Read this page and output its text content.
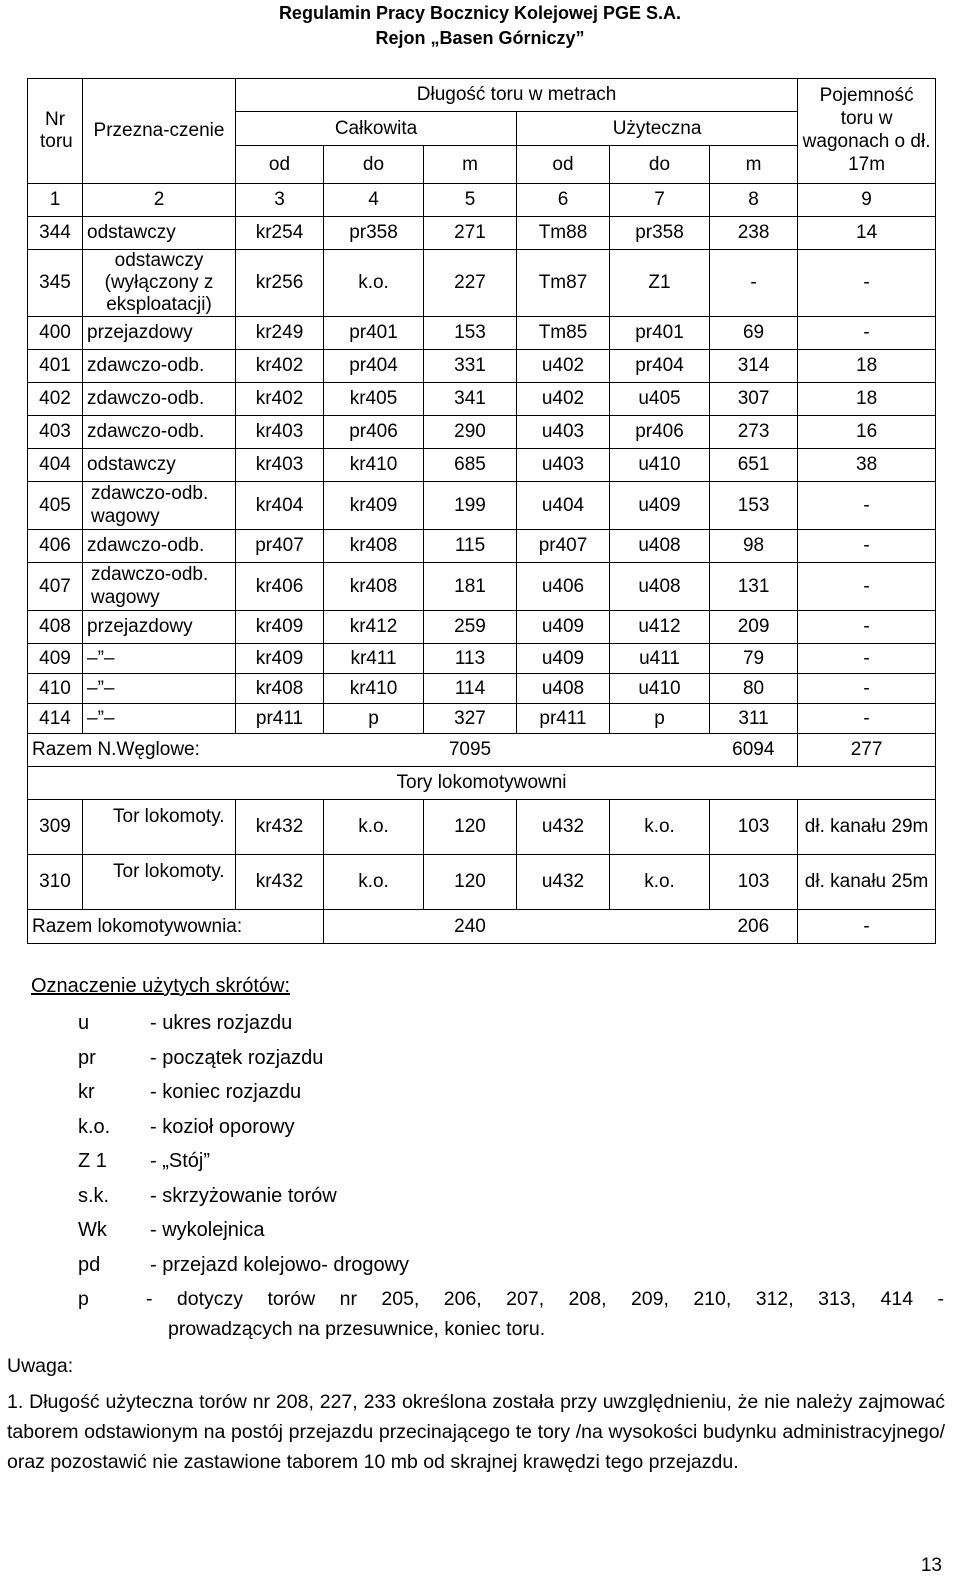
Regulamin Pracy Bocznicy Kolejowej PGE S.A.
Rejon „Basen Górniczy”
Nr toru	Przezna-czenie	Długość toru w metrach						Pojemność toru w wagonach o dł. 17m
		Całkowita			Użyteczna			
		od	do	m	od	do	m	
1	2	3	4	5	6	7	8	9
344	odstawczy	kr254	pr358	271	Tm88	pr358	238	14
345	odstawczy (wyłączony z eksploatacji)	kr256	k.o.	227	Tm87	Z1	-	-
400	przejazdowy	kr249	pr401	153	Tm85	pr401	69	-
401	zdawczo-odb.	kr402	pr404	331	u402	pr404	314	18
402	zdawczo-odb.	kr402	kr405	341	u402	u405	307	18
403	zdawczo-odb.	kr403	pr406	290	u403	pr406	273	16
404	odstawczy	kr403	kr410	685	u403	u410	651	38
405	zdawczo-odb. wagowy	kr404	kr409	199	u404	u409	153	-
406	zdawczo-odb.	pr407	kr408	115	pr407	u408	98	-
407	zdawczo-odb. wagowy	kr406	kr408	181	u406	u408	131	-
408	przejazdowy	kr409	kr412	259	u409	u412	209	-
409	–”–	kr409	kr411	113	u409	u411	79	-
410	–”–	kr408	kr410	114	u408	u410	80	-
414	–”–	pr411	p	327	pr411	p	311	-
Razem N.Węglowe:				7095			6094	277
Tory lokomotywowni								
309	Tor lokomoty.	kr432	k.o.	120	u432	k.o.	103	dł. kanału 29m
310	Tor lokomoty.	kr432	k.o.	120	u432	k.o.	103	dł. kanału 25m
Razem lokomotywownia:				240			206	-
Oznaczenie użytych skrótów:
u	- ukres rozjazdu
pr	- początek rozjazdu
kr	- koniec rozjazdu
k.o. - kozioł oporowy
Z 1 - „Stój”
s.k. - skrzyżowanie torów
Wk - wykolejnica
pd - przejazd kolejowo- drogowy
p	- dotyczy torów nr 205, 206, 207, 208, 209, 210, 312, 313, 414 -
prowadzących na przesuwnice, koniec toru.
Uwaga:
1. Długość użyteczna torów nr 208, 227, 233 określona została przy uwzględnieniu, że nie należy zajmować taborem odstawionym na postój przejazdu przecinającego te tory /na wysokości budynku administracyjnego/ oraz pozostawić nie zastawione taborem 10 mb od skrajnej krawędzi tego przejazdu.
13
